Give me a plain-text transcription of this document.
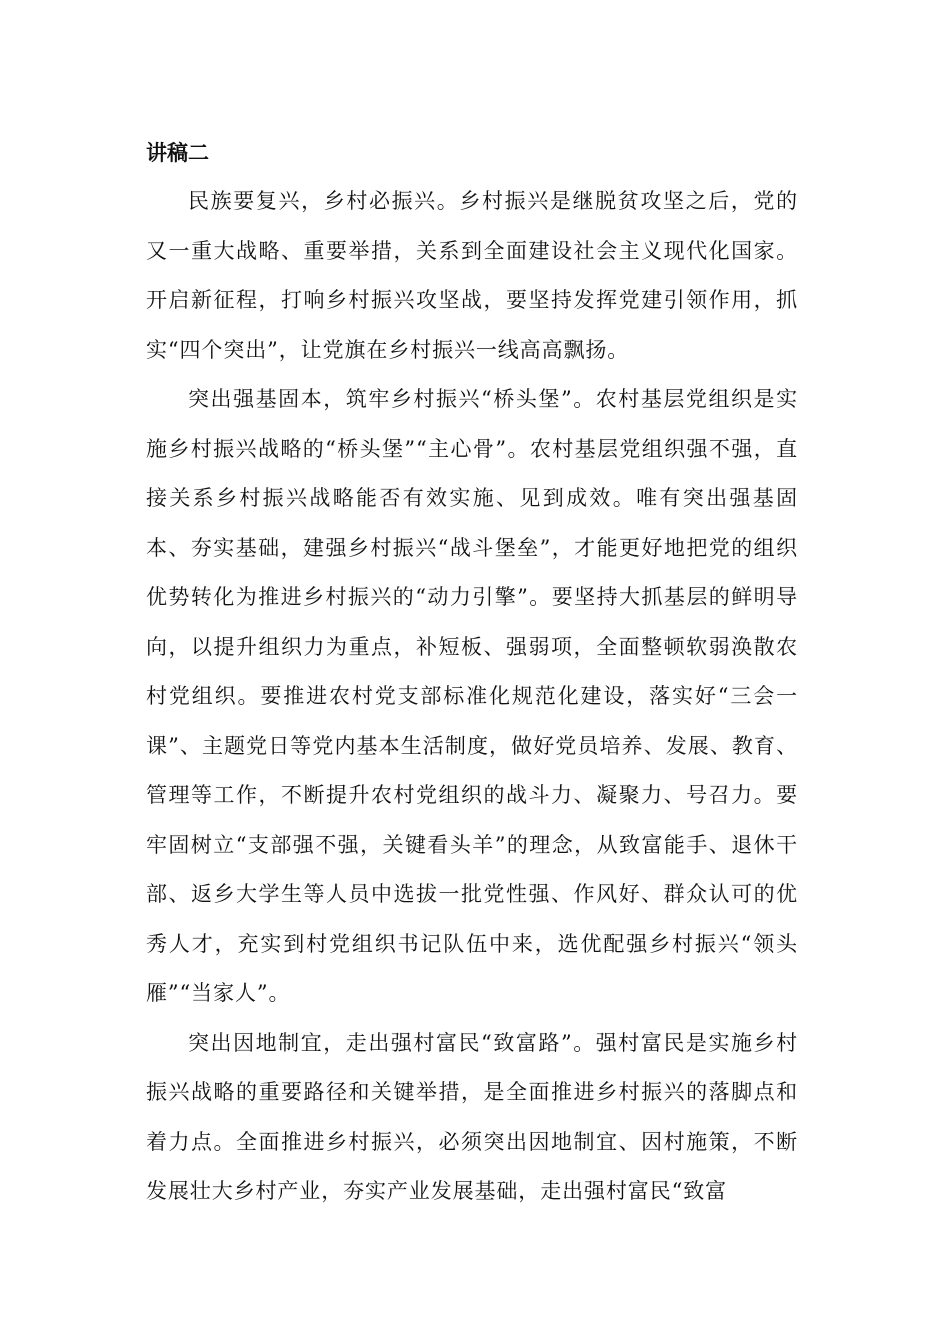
讲稿二

民族要复兴，乡村必振兴。乡村振兴是继脱贫攻坚之后，党的又一重大战略、重要举措，关系到全面建设社会主义现代化国家。开启新征程，打响乡村振兴攻坚战，要坚持发挥党建引领作用，抓实“四个突出”，让党旗在乡村振兴一线高高飘扬。

突出强基固本，筑牢乡村振兴“桥头堡”。农村基层党组织是实施乡村振兴战略的“桥头堡”“主心骨”。农村基层党组织强不强，直接关系乡村振兴战略能否有效实施、见到成效。唯有突出强基固本、夯实基础，建强乡村振兴“战斗堡垒”，才能更好地把党的组织优势转化为推进乡村振兴的“动力引擎”。要坚持大抓基层的鲜明导向，以提升组织力为重点，补短板、强弱项，全面整顿软弱涣散农村党组织。要推进农村党支部标准化规范化建设，落实好“三会一课”、主题党日等党内基本生活制度，做好党员培养、发展、教育、管理等工作，不断提升农村党组织的战斗力、凝聚力、号召力。要牢固树立“支部强不强，关键看头羊”的理念，从致富能手、退休干部、返乡大学生等人员中选拔一批党性强、作风好、群众认可的优秀人才，充实到村党组织书记队伍中来，选优配强乡村振兴“领头雁”“当家人”。

突出因地制宜，走出强村富民“致富路”。强村富民是实施乡村振兴战略的重要路径和关键举措，是全面推进乡村振兴的落脚点和着力点。全面推进乡村振兴，必须突出因地制宜、因村施策，不断发展壮大乡村产业，夯实产业发展基础，走出强村富民“致富
